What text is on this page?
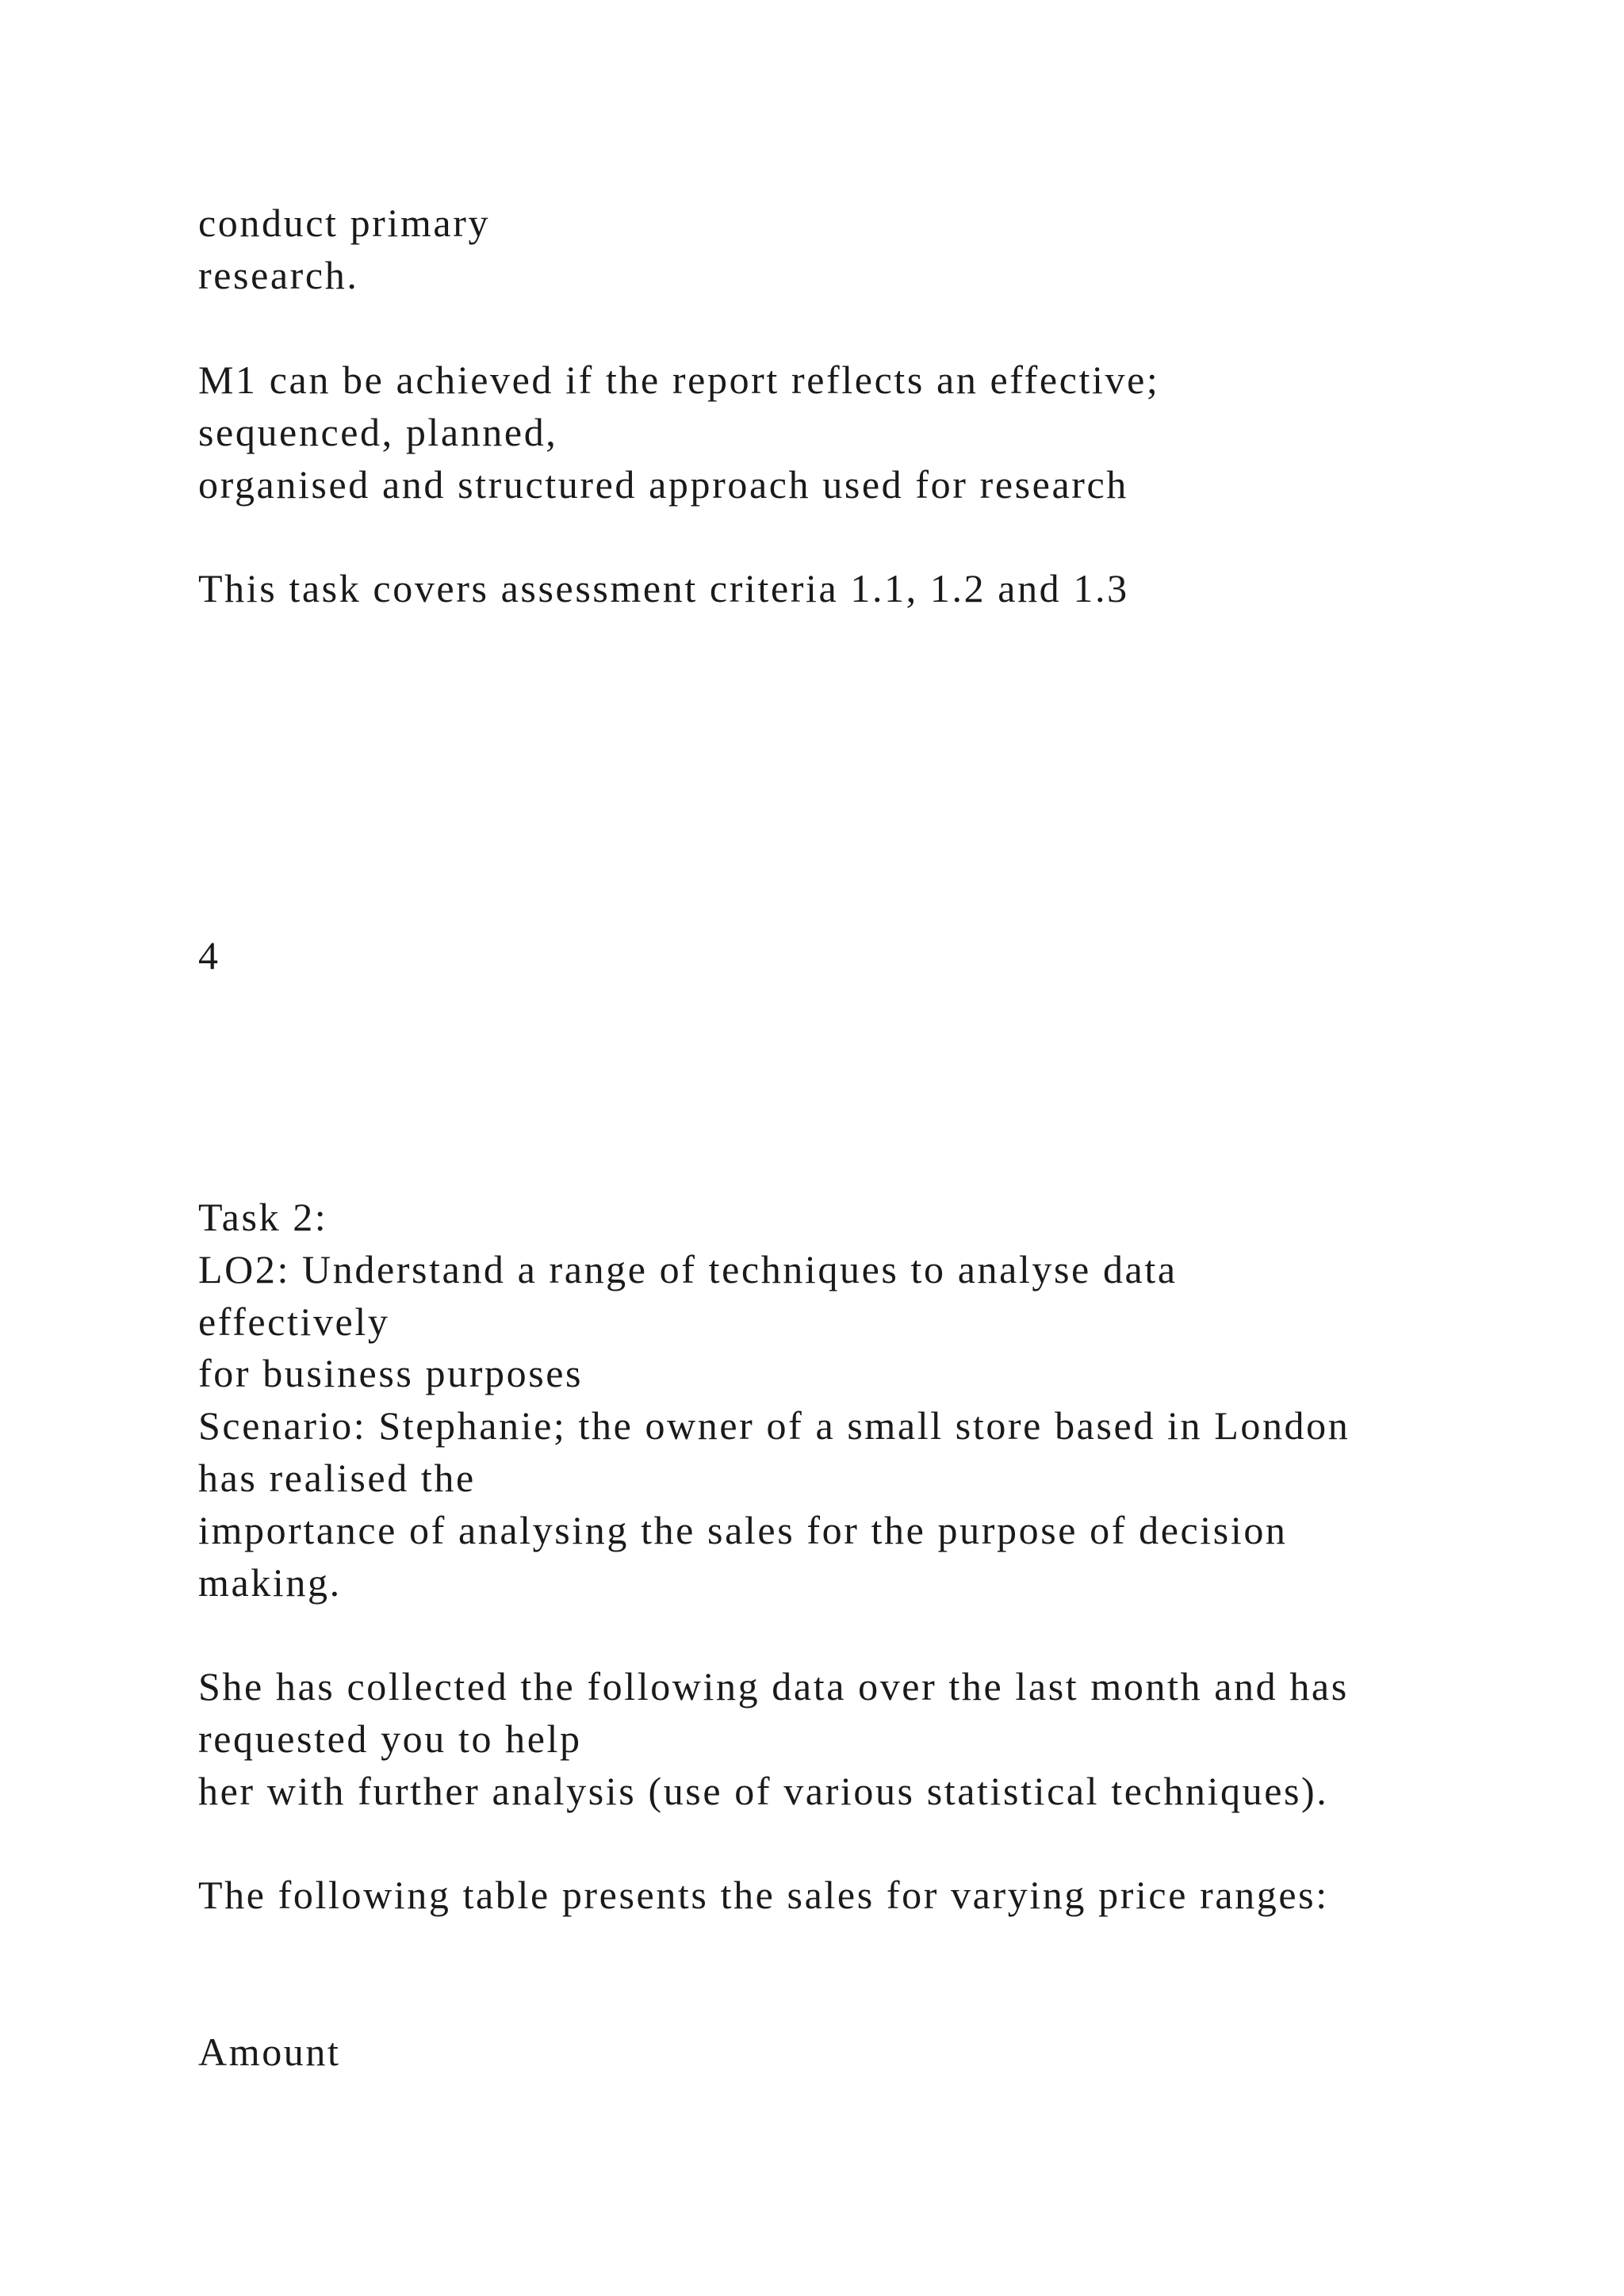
conduct primary
research.
M1 can be achieved if the report reflects an effective;
sequenced, planned,
organised and structured approach used for research
This task covers assessment criteria 1.1, 1.2 and 1.3
4
Task 2:
LO2: Understand a range of techniques to analyse data
effectively
for business purposes
Scenario: Stephanie; the owner of a small store based in London
has realised the
importance of analysing the sales for the purpose of decision
making.
She has collected the following data over the last month and has
requested you to help
her with further analysis (use of various statistical techniques).
The following table presents the sales for varying price ranges:
Amount
